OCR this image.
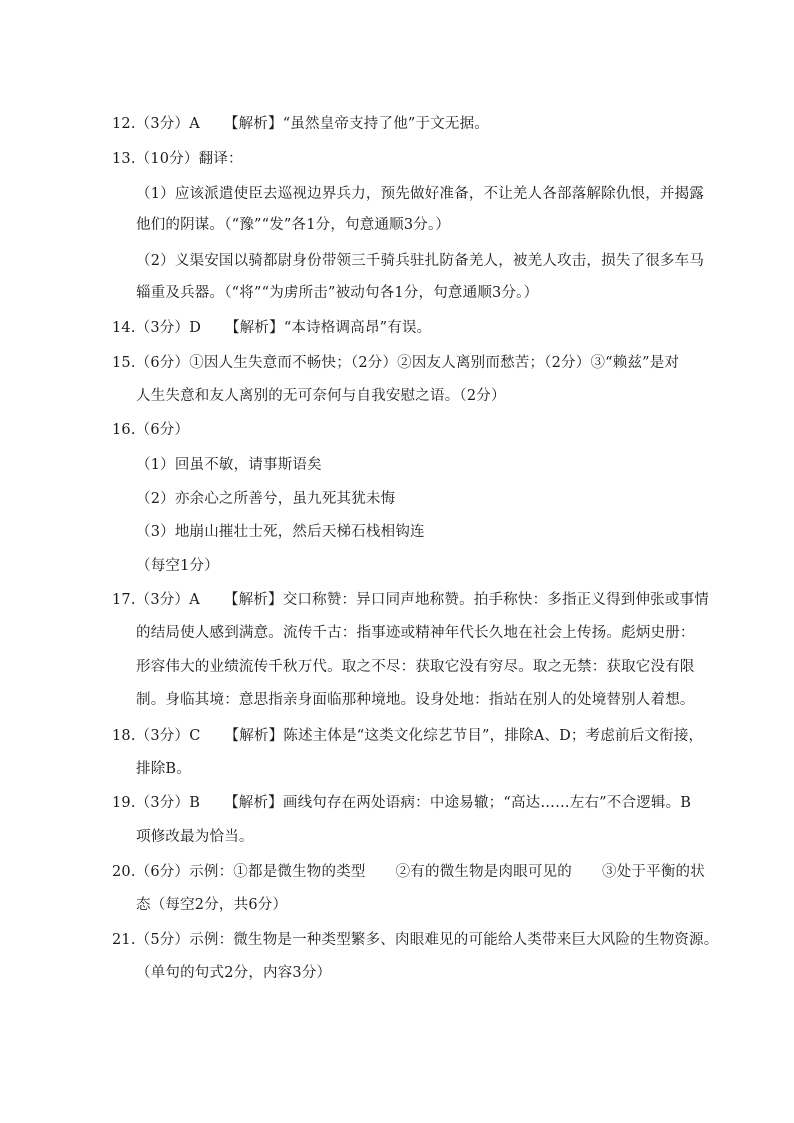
12.（3分）A 【解析】“虽然皇帝支持了他”于文无据。
13.（10分）翻译：
（1）应该派遣使臣去巡视边界兵力，预先做好准备，不让羌人各部落解除仇恨，并揭露
他们的阴谋。（“豫”“发”各1分，句意通顺3分。）
（2）义渠安国以骑都尉身份带领三千骑兵驻扎防备羌人，被羌人攻击，损失了很多车马
辎重及兵器。（“将”“为虏所击”被动句各1分，句意通顺3分。）
14.（3分）D 【解析】“本诗格调高昂”有误。
15.（6分）①因人生失意而不畅快；（2分）②因友人离别而愁苦；（2分）③“赖兹”是对
人生失意和友人离别的无可奈何与自我安慰之语。（2分）
16.（6分）
（1）回虽不敏，请事斯语矣
（2）亦余心之所善兮，虽九死其犹未悔
（3）地崩山摧壮士死，然后天梯石栈相钩连
（每空1分）
17.（3分）A 【解析】交口称赞：异口同声地称赞。拍手称快：多指正义得到伸张或事情
的结局使人感到满意。流传千古：指事迹或精神年代长久地在社会上传扬。彪炳史册：
形容伟大的业绩流传千秋万代。取之不尽：获取它没有穷尽。取之无禁：获取它没有限
制。身临其境：意思指亲身面临那种境地。设身处地：指站在别人的处境替别人着想。
18.（3分）C 【解析】陈述主体是“这类文化综艺节目”，排除A、D；考虑前后文衔接，
排除B。
19.（3分）B 【解析】画线句存在两处语病：中途易辙；“高达……左右”不合逻辑。B
项修改最为恰当。
20.（6分）示例：①都是微生物的类型 ②有的微生物是肉眼可见的 ③处于平衡的状
态（每空2分，共6分）
21.（5分）示例：微生物是一种类型繁多、肉眼难见的可能给人类带来巨大风险的生物资源。
（单句的句式2分，内容3分）
